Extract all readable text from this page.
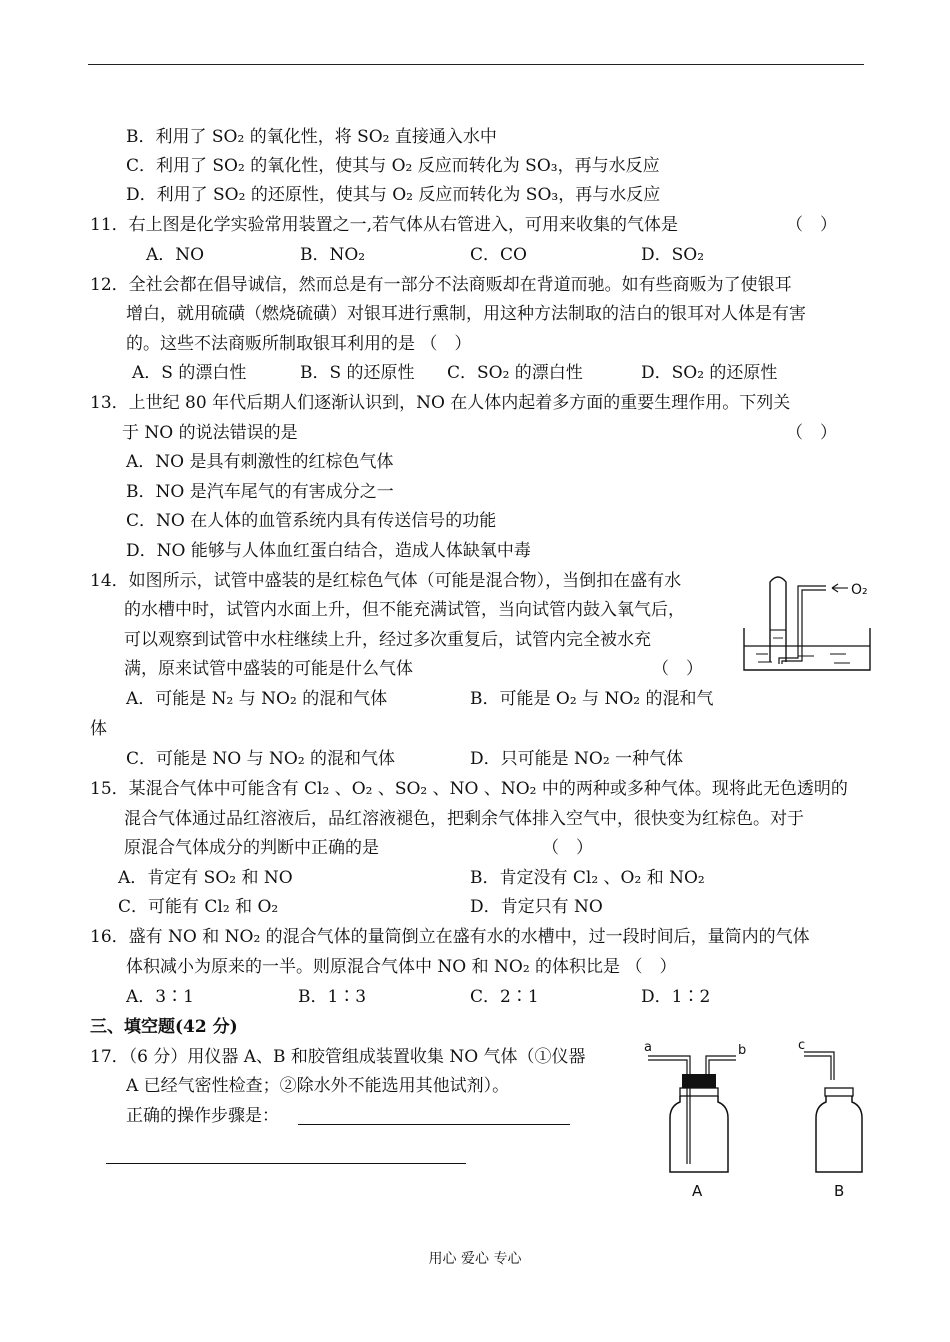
B．利用了 SO₂ 的氧化性，将 SO₂ 直接通入水中
C．利用了 SO₂ 的氧化性，使其与 O₂ 反应而转化为 SO₃，再与水反应
D．利用了 SO₂ 的还原性，使其与 O₂ 反应而转化为 SO₃，再与水反应
11．右上图是化学实验常用装置之一,若气体从右管进入，可用来收集的气体是	（　）
A．NO	B．NO₂	C．CO	D．SO₂
12．全社会都在倡导诚信，然而总是有一部分不法商贩却在背道而驰。如有些商贩为了使银耳
增白，就用硫磺（燃烧硫磺）对银耳进行熏制，用这种方法制取的洁白的银耳对人体是有害
的。这些不法商贩所制取银耳利用的是 （　）
A．S 的漂白性	B．S 的还原性 C．SO₂ 的漂白性	D．SO₂ 的还原性
13．上世纪 80 年代后期人们逐渐认识到，NO 在人体内起着多方面的重要生理作用。下列关
于 NO 的说法错误的是	（　）
A．NO 是具有刺激性的红棕色气体
B．NO 是汽车尾气的有害成分之一
C．NO 在人体的血管系统内具有传送信号的功能
D．NO 能够与人体血红蛋白结合，造成人体缺氧中毒
14．如图所示，试管中盛装的是红棕色气体（可能是混合物），当倒扣在盛有水
的水槽中时，试管内水面上升，但不能充满试管，当向试管内鼓入氧气后，
可以观察到试管中水柱继续上升，经过多次重复后，试管内完全被水充
满，原来试管中盛装的可能是什么气体	（　）
A．可能是 N₂ 与 NO₂ 的混和气体	B．可能是 O₂ 与 NO₂ 的混和气
体
C．可能是 NO 与 NO₂ 的混和气体	D．只可能是 NO₂ 一种气体
O₂
15．某混合气体中可能含有 Cl₂ 、O₂ 、SO₂ 、NO 、NO₂ 中的两种或多种气体。现将此无色透明的
混合气体通过品红溶液后，品红溶液褪色，把剩余气体排入空气中，很快变为红棕色。对于
原混合气体成分的判断中正确的是	（　）
A．肯定有 SO₂ 和 NO	B．肯定没有 Cl₂ 、O₂ 和 NO₂
C．可能有 Cl₂ 和 O₂	D．肯定只有 NO
16．盛有 NO 和 NO₂ 的混合气体的量筒倒立在盛有水的水槽中，过一段时间后，量筒内的气体
体积减小为原来的一半。则原混合气体中 NO 和 NO₂ 的体积比是 （　）
A．3∶1	B．1∶3	C．2∶1	D．1∶2
三、填空题(42 分)
17．（6 分）用仪器 A、B 和胶管组成装置收集 NO 气体（①仪器
A 已经气密性检查；②除水外不能选用其他试剂）。
正确的操作步骤是：
a	b
A
c
B
用心 爱心 专心
